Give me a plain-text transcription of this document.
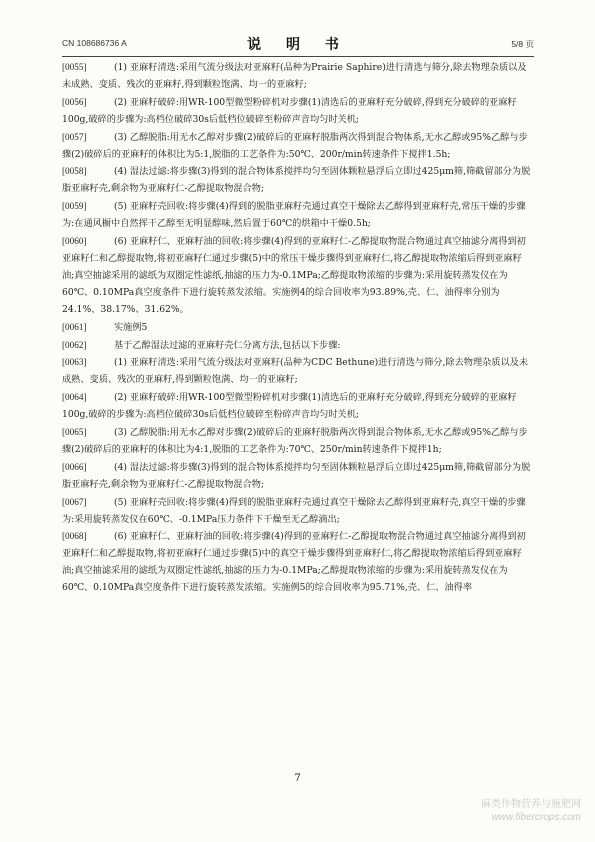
CN 108686736 A	说 明 书	5/8 页

[0055]	(1) 亚麻籽清选:采用气流分级法对亚麻籽(品种为Prairie Saphire)进行清选与筛分,除去物理杂质以及未成熟、变质、残次的亚麻籽,得到颗粒饱满、均一的亚麻籽;

[0056]	(2) 亚麻籽破碎:用WR-100型微型粉碎机对步骤(1)清选后的亚麻籽充分破碎,得到充分破碎的亚麻籽100g,破碎的步骤为:高档位破碎30s后低档位破碎至粉碎声音均匀时关机;

[0057]	(3) 乙醇脱脂:用无水乙醇对步骤(2)破碎后的亚麻籽脱脂两次得到混合物体系,无水乙醇或95%乙醇与步骤(2)破碎后的亚麻籽的体积比为5:1,脱脂的工艺条件为:50℃、200r/min转速条件下搅拌1.5h;

[0058]	(4) 湿法过滤:将步骤(3)得到的混合物体系搅拌均匀至固体颗粒悬浮后立即过425μm筛,筛截留部分为脱脂亚麻籽壳,剩余物为亚麻籽仁-乙醇提取物混合物;

[0059]	(5) 亚麻籽壳回收:将步骤(4)得到的脱脂亚麻籽壳通过真空干燥除去乙醇得到亚麻籽壳,常压干燥的步骤为:在通风橱中自然挥干乙醇至无明显醇味,然后置于60℃的烘箱中干燥0.5h;

[0060]	(6) 亚麻籽仁、亚麻籽油的回收:将步骤(4)得到的亚麻籽仁-乙醇提取物混合物通过真空抽滤分离得到初亚麻籽仁和乙醇提取物,将初亚麻籽仁通过步骤(5)中的常压干燥步骤得到亚麻籽仁,将乙醇提取物浓缩后得到亚麻籽油;真空抽滤采用的滤纸为双圈定性滤纸,抽滤的压力为-0.1MPa;乙醇提取物浓缩的步骤为:采用旋转蒸发仪在为60℃、0.10MPa真空度条件下进行旋转蒸发浓缩。实施例4的综合回收率为93.89%,壳、仁、油得率分别为24.1%、38.17%、31.62%。

[0061]	实施例5

[0062]	基于乙醇湿法过滤的亚麻籽壳仁分离方法,包括以下步骤:

[0063]	(1) 亚麻籽清选:采用气流分级法对亚麻籽(品种为CDC Bethune)进行清选与筛分,除去物理杂质以及未成熟、变质、残次的亚麻籽,得到颗粒饱满、均一的亚麻籽;

[0064]	(2) 亚麻籽破碎:用WR-100型微型粉碎机对步骤(1)清选后的亚麻籽充分破碎,得到充分破碎的亚麻籽100g,破碎的步骤为:高档位破碎30s后低档位破碎至粉碎声音均匀时关机;

[0065]	(3) 乙醇脱脂:用无水乙醇对步骤(2)破碎后的亚麻籽脱脂两次得到混合物体系,无水乙醇或95%乙醇与步骤(2)破碎后的亚麻籽的体积比为4:1,脱脂的工艺条件为:70℃、250r/min转速条件下搅拌1h;

[0066]	(4) 湿法过滤:将步骤(3)得到的混合物体系搅拌均匀至固体颗粒悬浮后立即过425μm筛,筛截留部分为脱脂亚麻籽壳,剩余物为亚麻籽仁-乙醇提取物混合物;

[0067]	(5) 亚麻籽壳回收:将步骤(4)得到的脱脂亚麻籽壳通过真空干燥除去乙醇得到亚麻籽壳,真空干燥的步骤为:采用旋转蒸发仪在60℃、-0.1MPa压力条件下干燥至无乙醇滴出;

[0068]	(6) 亚麻籽仁、亚麻籽油的回收:将步骤(4)得到的亚麻籽仁-乙醇提取物混合物通过真空抽滤分离得到初亚麻籽仁和乙醇提取物,将初亚麻籽仁通过步骤(5)中的真空干燥步骤得到亚麻籽仁,将乙醇提取物浓缩后得到亚麻籽油;真空抽滤采用的滤纸为双圈定性滤纸,抽滤的压力为-0.1MPa;乙醇提取物浓缩的步骤为:采用旋转蒸发仪在为60℃、0.10MPa真空度条件下进行旋转蒸发浓缩。实施例5的综合回收率为95.71%,壳、仁、油得率

7
麻类作物营养与施肥网
www.fibercrops.com
